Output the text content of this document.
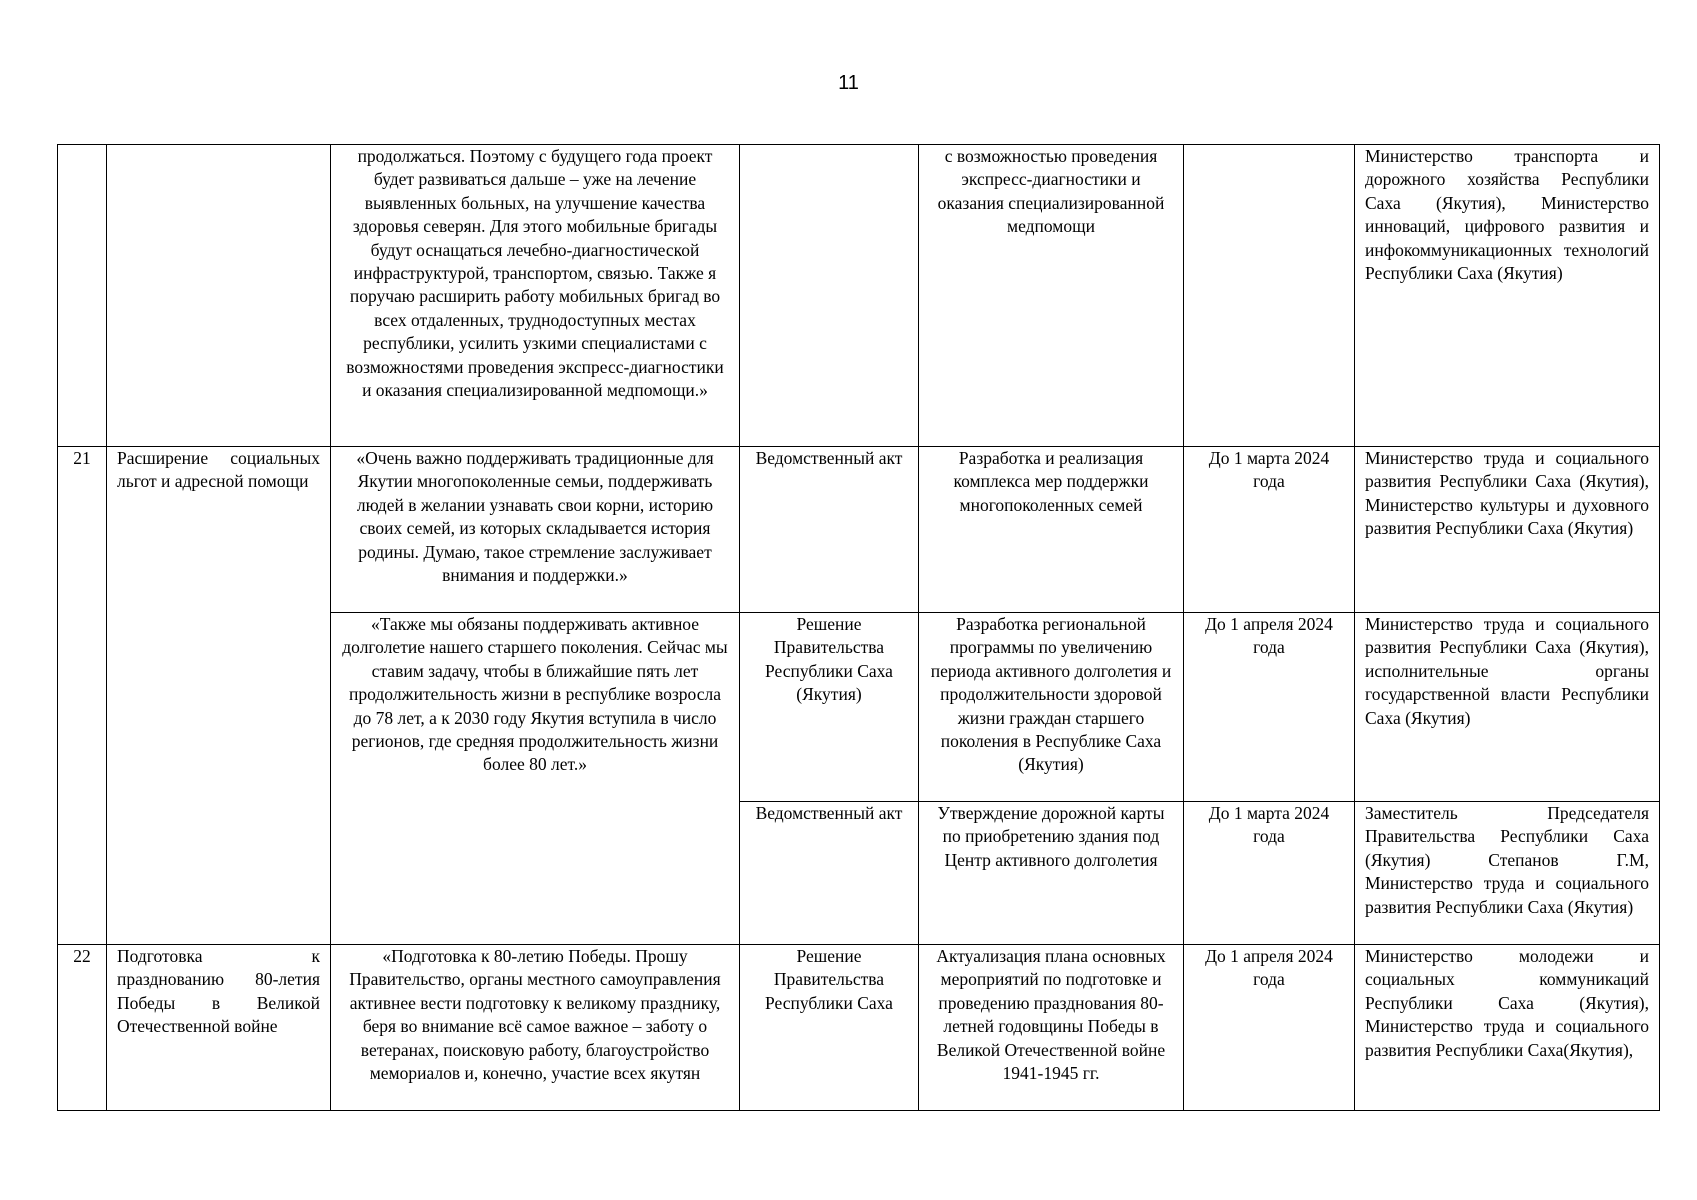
11
		продолжаться. Поэтому с будущего года проект будет развиваться дальше – уже на лечение выявленных больных, на улучшение качества здоровья северян. Для этого мобильные бригады будут оснащаться лечебно-диагностической инфраструктурой, транспортом, связью. Также я поручаю расширить работу мобильных бригад во всех отдаленных, труднодоступных местах республики, усилить узкими специалистами с возможностями проведения экспресс-диагностики и оказания специализированной медпомощи.»		с возможностью проведения экспресс-диагностики и оказания специализированной медпомощи		Министерство транспорта и дорожного хозяйства Республики Саха (Якутия), Министерство инноваций, цифрового развития и инфокоммуникационных технологий Республики Саха (Якутия)
21	Расширение социальных льгот и адресной помощи	«Очень важно поддерживать традиционные для Якутии многопоколенные семьи, поддерживать людей в желании узнавать свои корни, историю своих семей, из которых складывается история родины. Думаю, такое стремление заслуживает внимания и поддержки.»	Ведомственный акт	Разработка и реализация комплекса мер поддержки многопоколенных семей	До 1 марта 2024 года	Министерство труда и социального развития Республики Саха (Якутия), Министерство культуры и духовного развития Республики Саха (Якутия)
		«Также мы обязаны поддерживать активное долголетие нашего старшего поколения. Сейчас мы ставим задачу, чтобы в ближайшие пять лет продолжительность жизни в республике возросла до 78 лет, а к 2030 году Якутия вступила в число регионов, где средняя продолжительность жизни более 80 лет.»	Решение Правительства Республики Саха (Якутия)	Разработка региональной программы по увеличению периода активного долголетия и продолжительности здоровой жизни граждан старшего поколения в Республике Саха (Якутия)	До 1 апреля 2024 года	Министерство труда и социального развития Республики Саха (Якутия), исполнительные органы государственной власти Республики Саха (Якутия)
			Ведомственный акт	Утверждение дорожной карты по приобретению здания под Центр активного долголетия	До 1 марта 2024 года	Заместитель Председателя Правительства Республики Саха (Якутия) Степанов Г.М, Министерство труда и социального развития Республики Саха (Якутия)
22	Подготовка к празднованию 80-летия Победы в Великой Отечественной войне	«Подготовка к 80-летию Победы. Прошу Правительство, органы местного самоуправления активнее вести подготовку к великому празднику, беря во внимание всё самое важное – заботу о ветеранах, поисковую работу, благоустройство мемориалов и, конечно, участие всех якутян	Решение Правительства Республики Саха	Актуализация плана основных мероприятий по подготовке и проведению празднования 80-летней годовщины Победы в Великой Отечественной войне 1941-1945 гг.	До 1 апреля 2024 года	Министерство молодежи и социальных коммуникаций Республики Саха (Якутия), Министерство труда и социального развития Республики Саха(Якутия),
